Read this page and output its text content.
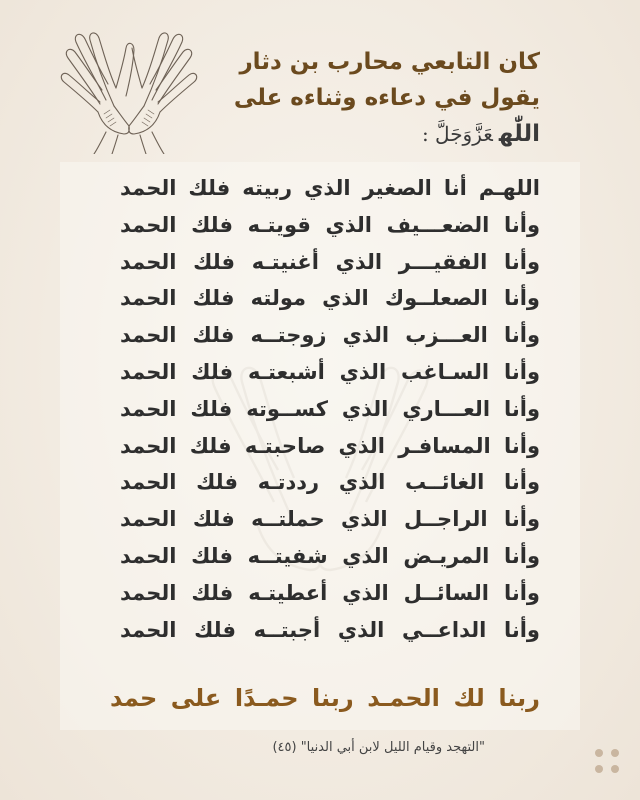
كان التابعي محارب بن دثار
يقول في دعاءه وثناءه على
اللّٰهعَزَّوَجَلَّ :
اللهـم أنا الصغير الذي ربيته فلك الحمد
وأنا الضعـــيف الذي قويتـه فلك الحمد
وأنا الفقيـــر الذي أغنيتـه فلك الحمد
وأنا الصعلــوك الذي مولته فلك الحمد
وأنا العـــزب الذي زوجتــه فلك الحمد
وأنا السـاغب الذي أشبعتـه فلك الحمد
وأنا العـــاري الذي كســوته فلك الحمد
وأنا المسافـر الذي صاحبتـه فلك الحمد
وأنا الغائــب الذي رددتـه فلك الحمد
وأنا الراجــل الذي حملتــه فلك الحمد
وأنا المريـض الذي شفيتــه فلك الحمد
وأنا السائــل الذي أعطيتـه فلك الحمد
وأنا الداعــي الذي أجبتــه فلك الحمد
ربنا لك الحمـد ربنا حمـدًا على حمد
"التهجد وقيام الليل لابن أبي الدنيا" (٤٥)
